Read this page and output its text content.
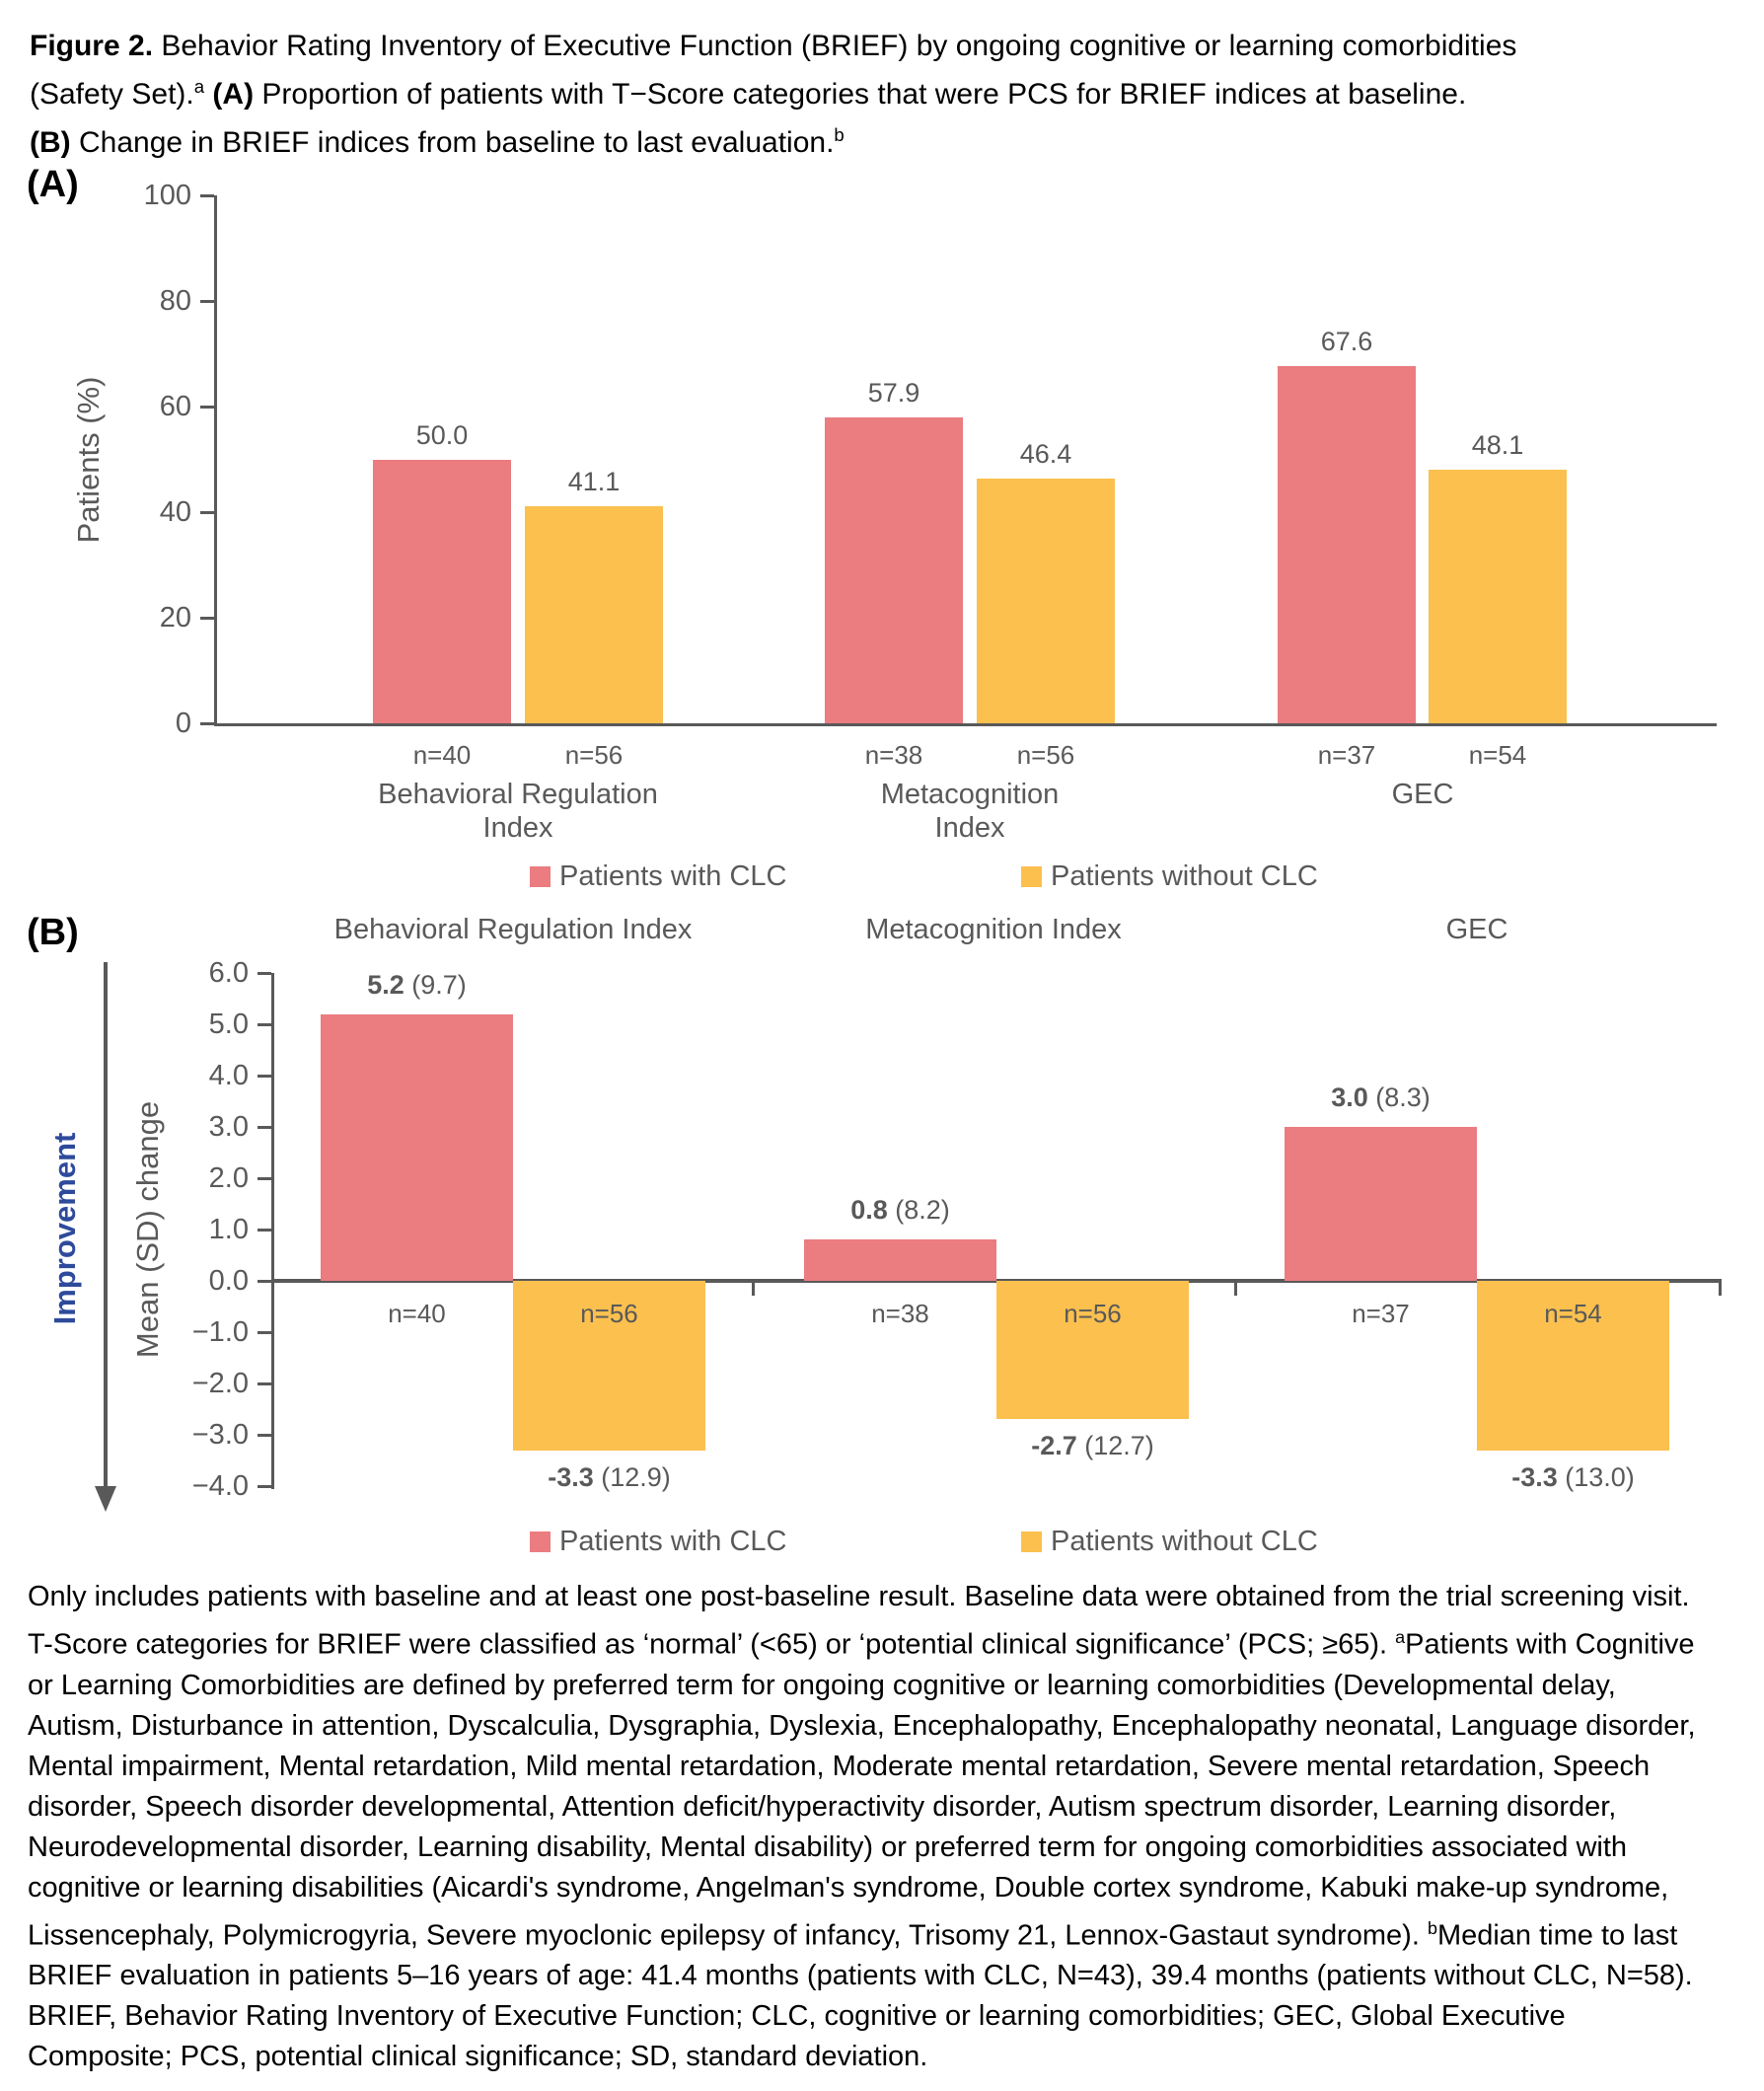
Figure 2. Behavior Rating Inventory of Executive Function (BRIEF) by ongoing cognitive or learning comorbidities
(Safety Set).$^a$ (A) Proportion of patients with T−Score categories that were PCS for BRIEF indices at baseline.
(B) Change in BRIEF indices from baseline to last evaluation.$^b$
(A)
Patients (%)
0
20
40
60
80
100
50.0
n=40
57.9
n=38
67.6
n=37
41.1
n=56
46.4
n=56
48.1
n=54
Behavioral Regulation
Index
Metacognition
Index
GEC
Patients with CLC	Patients without CLC
(B)	Behavioral Regulation Index	Metacognition Index	GEC
Improvement Mean (SD) change
6.0
5.0
4.0
3.0
2.0
1.0
0.0
−1.0
−2.0
−3.0
−4.0
5.2 (9.7)
n=40
0.8 (8.2)
n=38
3.0 (8.3)
n=37
-3.3 (12.9)
n=56
-2.7 (12.7)
n=56
-3.3 (13.0)
n=54
Patients with CLC	Patients without CLC
Only includes patients with baseline and at least one post-baseline result. Baseline data were obtained from the trial screening visit.
T-Score categories for BRIEF were classified as ‘normal’ (<65) or ‘potential clinical significance’ (PCS; ≥65). $^a$Patients with Cognitive
or Learning Comorbidities are defined by preferred term for ongoing cognitive or learning comorbidities (Developmental delay,
Autism, Disturbance in attention, Dyscalculia, Dysgraphia, Dyslexia, Encephalopathy, Encephalopathy neonatal, Language disorder,
Mental impairment, Mental retardation, Mild mental retardation, Moderate mental retardation, Severe mental retardation, Speech
disorder, Speech disorder developmental, Attention deficit/hyperactivity disorder, Autism spectrum disorder, Learning disorder,
Neurodevelopmental disorder, Learning disability, Mental disability) or preferred term for ongoing comorbidities associated with
cognitive or learning disabilities (Aicardi's syndrome, Angelman's syndrome, Double cortex syndrome, Kabuki make-up syndrome,
Lissencephaly, Polymicrogyria, Severe myoclonic epilepsy of infancy, Trisomy 21, Lennox-Gastaut syndrome). $^b$Median time to last
BRIEF evaluation in patients 5–16 years of age: 41.4 months (patients with CLC, N=43), 39.4 months (patients without CLC, N=58).
BRIEF, Behavior Rating Inventory of Executive Function; CLC, cognitive or learning comorbidities; GEC, Global Executive
Composite; PCS, potential clinical significance; SD, standard deviation.
